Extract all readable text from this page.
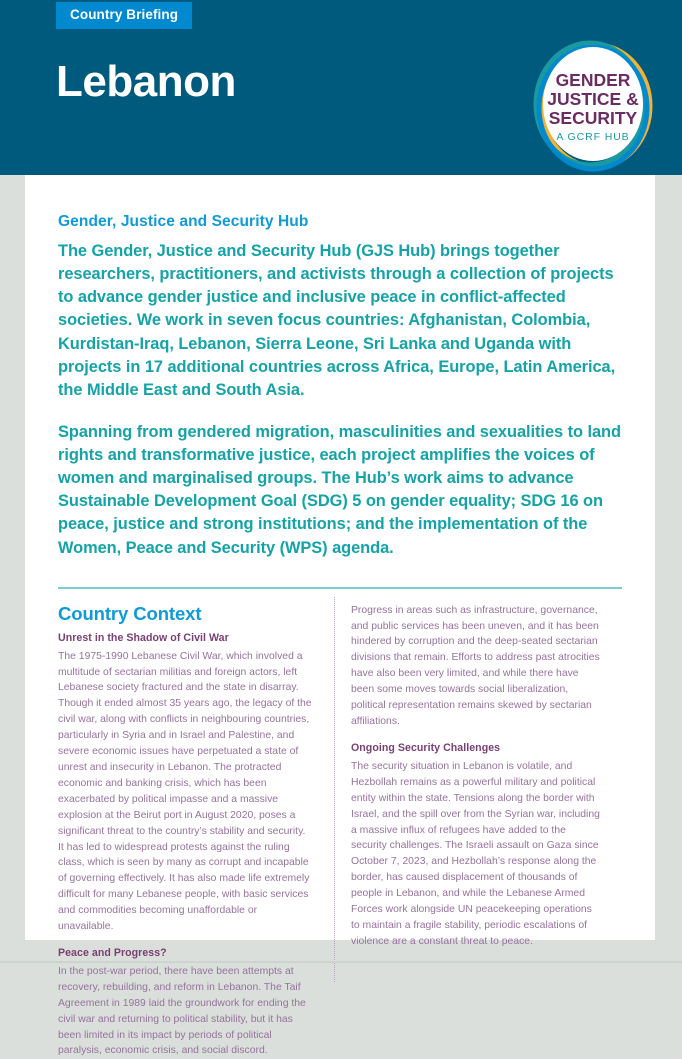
Country Briefing
Lebanon	GENDER
JUSTICE &
SECURITY
A GCRF HUB
Gender, Justice and Security Hub

The Gender, Justice and Security Hub (GJS Hub) brings together researchers, practitioners, and activists through a collection of projects to advance gender justice and inclusive peace in conflict-affected societies. We work in seven focus countries: Afghanistan, Colombia, Kurdistan-Iraq, Lebanon, Sierra Leone, Sri Lanka and Uganda with projects in 17 additional countries across Africa, Europe, Latin America, the Middle East and South Asia.

Spanning from gendered migration, masculinities and sexualities to land rights and transformative justice, each project amplifies the voices of women and marginalised groups. The Hub’s work aims to advance Sustainable Development Goal (SDG) 5 on gender equality; SDG 16 on peace, justice and strong institutions; and the implementation of the Women, Peace and Security (WPS) agenda.

Country Context
Unrest in the Shadow of Civil War

The 1975-1990 Lebanese Civil War, which involved a multitude of sectarian militias and foreign actors, left Lebanese society fractured and the state in disarray. Though it ended almost 35 years ago, the legacy of the civil war, along with conflicts in neighbouring countries, particularly in Syria and in Israel and Palestine, and severe economic issues have perpetuated a state of unrest and insecurity in Lebanon. The protracted economic and banking crisis, which has been exacerbated by political impasse and a massive explosion at the Beirut port in August 2020, poses a significant threat to the country’s stability and security. It has led to widespread protests against the ruling class, which is seen by many as corrupt and incapable of governing effectively. It has also made life extremely difficult for many Lebanese people, with basic services and commodities becoming unaffordable or unavailable.

Peace and Progress?

In the post-war period, there have been attempts at recovery, rebuilding, and reform in Lebanon. The Taif Agreement in 1989 laid the groundwork for ending the civil war and returning to political stability, but it has been limited in its impact by periods of political paralysis, economic crisis, and social discord.

Progress in areas such as infrastructure, governance, and public services has been uneven, and it has been hindered by corruption and the deep-seated sectarian divisions that remain. Efforts to address past atrocities have also been very limited, and while there have been some moves towards social liberalization, political representation remains skewed by sectarian affiliations.

Ongoing Security Challenges

The security situation in Lebanon is volatile, and Hezbollah remains as a powerful military and political entity within the state. Tensions along the border with Israel, and the spill over from the Syrian war, including a massive influx of refugees have added to the security challenges. The Israeli assault on Gaza since October 7, 2023, and Hezbollah’s response along the border, has caused displacement of thousands of people in Lebanon, and while the Lebanese Armed Forces work alongside UN peacekeeping operations to maintain a fragile stability, periodic escalations of violence are a constant threat to peace.
